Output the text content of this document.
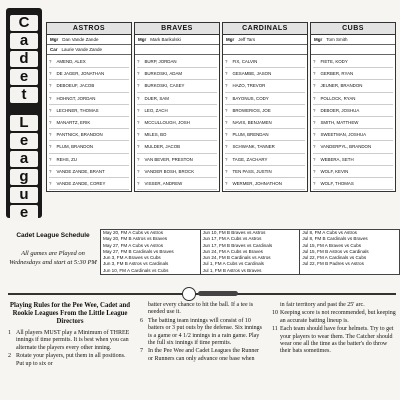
C
a
d
e
t
L
e
a
g
u
e
ASTROS
Mgr Dan Vande Zande
Car Laurie Vande Zande
? AMEND, ALEX
? DE JAGER, JONATHAN
? DEBOEUF, JACOB
? HOHNGT, JORDAN
? LECHNER, THOMAS
? MANARTZ, ERIK
? PANTNICK, BRANDON
? PLUM, BRANDON
? REHS, ZU
? VANDE ZANDE, BRANT
? VANDE ZANDE, COREY
BRAVES
Mgr Mark Barikolski
? BURP, JORDAN
? BURKOSKI, ADAM
? BURKOSKI, CASEY
? DUER, SAM
? LEO, ZACH
? MCCULLOUGH, JOSH
? MILES, BO
? MULDER, JACOB
? VAN BEVER, PRESTON
? VANDER BOSH, BROCK
? VISSER, ANDREW
CARDINALS
Mgr Jeff Tars
? FIX, CALVIN
? GESAMBE, JASON
? HAZO, TREVOR
? BAYONUS, CODY
? BROWERIOS, JOE
? NAVIS, BENJAMEN
? PLUM, BRENDAN
? SCHWANK, TANNER
? TAGE, ZACHARY
? TEN PASS, JUSTIN
? WERMER, JOHNATHON
CUBS
Mgr Tom Smith
? FIETE, KODY
? GERBER, RYAN
? JEUNER, BRANDON
? POLLOCK, RYAN
? DEBOER, JOSHUA
? SMITH, MATTHEW
? SWEETMAN, JOSHUA
? VANDERPYL, BRANDON
? WEBERA, SETH
? WOLF, KEVIN
? WOLF, THOMAS
Cadet League Schedule
All games are Played on Wednesdays and start at 5:30 PM
May 20, FM A Cubs vs Astros
May 20, FM B Astros vs Braves
May 27, FM A Cubs vs Astros
May 27, FM B Cardinals vs Braves
Jun 3, FM A Braves vs Cubs
Jun 3, FM B Astros vs Cardinals
Jun 10, FM A Cardinals vs Cubs
Jun 10, FM B Braves vs Astros
Jun 17, FM A Cubs vs Astros
Jun 17, FM B Braves vs Cardinals
Jun 24, FM A Cubs vs Braves
Jun 24, FM B Cardinals vs Astros
Jul 1, FM A Cubs vs Cardinals
Jul 1, FM B Astros vs Braves
Jul 8, FM A Cubs vs Astros
Jul 8, FM B Cardinals vs Braves
Jul 15, FM A Braves vs Cubs
Jul 15, FM B Astros vs Cardinals
Jul 22, FM A Cardinals vs Cubs
Jul 22, FM B Padres vs Astros
Playing Rules for the Pee Wee, Cadet and Rookie Leagues From the Little League Directors
1 All players MUST play a Minimum of THREE innings if time permits. It is best when you can alternate the players every other inning.
2 Rotate your players, put them in all positions. Put up to six or
batter every chance to hit the ball. If a tee is needed use it.
6 The batting team innings will consist of 10 batters or 3 put outs by the defense. Six innings is a game or 4 1/2 innings in a rain game. Play the full six innings if time permits.
7 In the Pee Wee and Cadet Leagues the Runner or Runners can only advance one base when
in fair territory and past the 25' arc.
10 Keeping score is not recommended, but keeping an accurate batting lineup is.
11 Each team should have four helmets. Try to get your players to wear them. The Catcher should wear one all the time as the batter's do throw their bats sometimes.
